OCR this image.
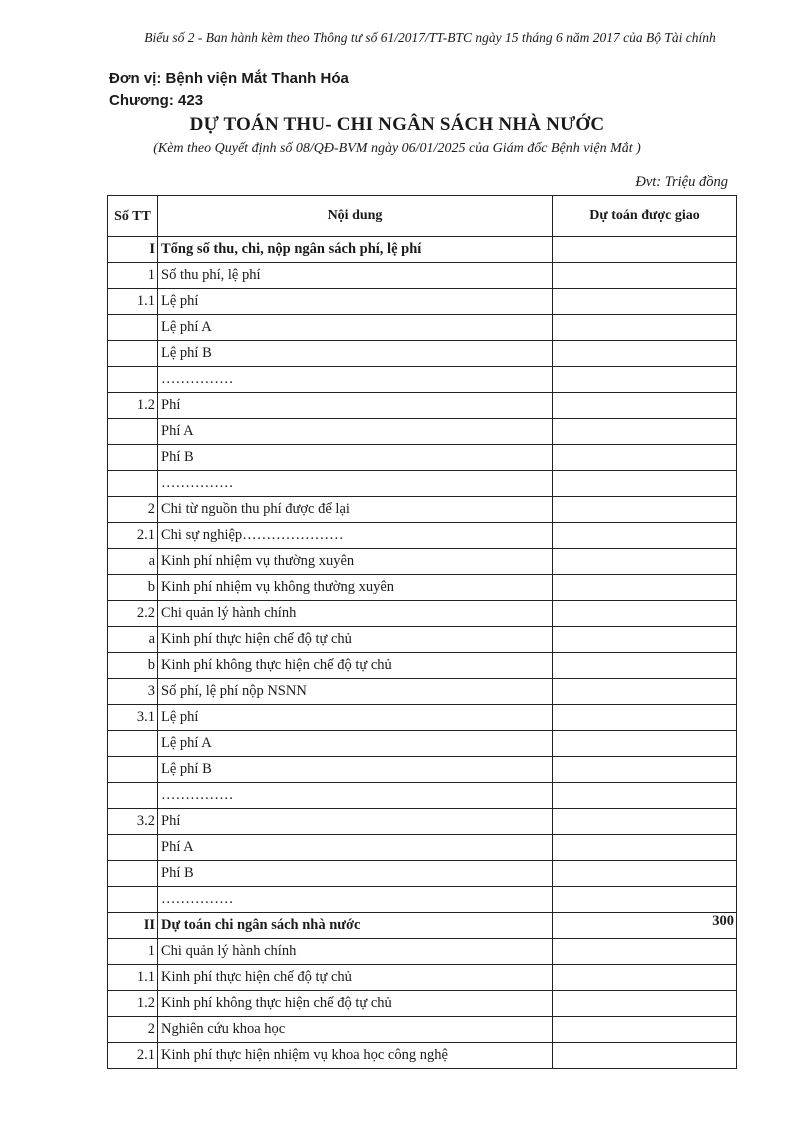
Biểu số 2 - Ban hành kèm theo Thông tư số 61/2017/TT-BTC ngày 15 tháng 6 năm 2017 của Bộ Tài chính
Đơn vị: Bệnh viện Mắt Thanh Hóa
Chương: 423
DỰ TOÁN THU- CHI NGÂN SÁCH NHÀ NƯỚC
(Kèm theo Quyết định số 08/QĐ-BVM ngày 06/01/2025 của Giám đốc Bệnh viện Mắt )
Đvt: Triệu đồng
Số TT	Nội dung	Dự toán được giao
I	Tổng số thu, chi, nộp ngân sách phí, lệ phí	
1	Số thu phí, lệ phí	
1.1	Lệ phí	
	Lệ phí A	
	Lệ phí B	
	……………	
1.2	Phí	
	Phí A	
	Phí B	
	……………	
2	Chi từ nguồn thu phí được để lại	
2.1	Chi sự nghiệp…………………	
a	Kinh phí nhiệm vụ thường xuyên	
b	Kinh phí nhiệm vụ không thường xuyên	
2.2	Chi quản lý hành chính	
a	Kinh phí thực hiện chế độ tự chủ	
b	Kinh phí không thực hiện chế độ tự chủ	
3	Số phí, lệ phí nộp NSNN	
3.1	Lệ phí	
	Lệ phí A	
	Lệ phí B	
	……………	
3.2	Phí	
	Phí A	
	Phí B	
	……………	
II	Dự toán chi ngân sách nhà nước	300
1	Chi quản lý hành chính	
1.1	Kinh phí thực hiện chế độ tự chủ	
1.2	Kinh phí không thực hiện chế độ tự chủ	
2	Nghiên cứu khoa học	
2.1	Kinh phí thực hiện nhiệm vụ khoa học công nghệ	
